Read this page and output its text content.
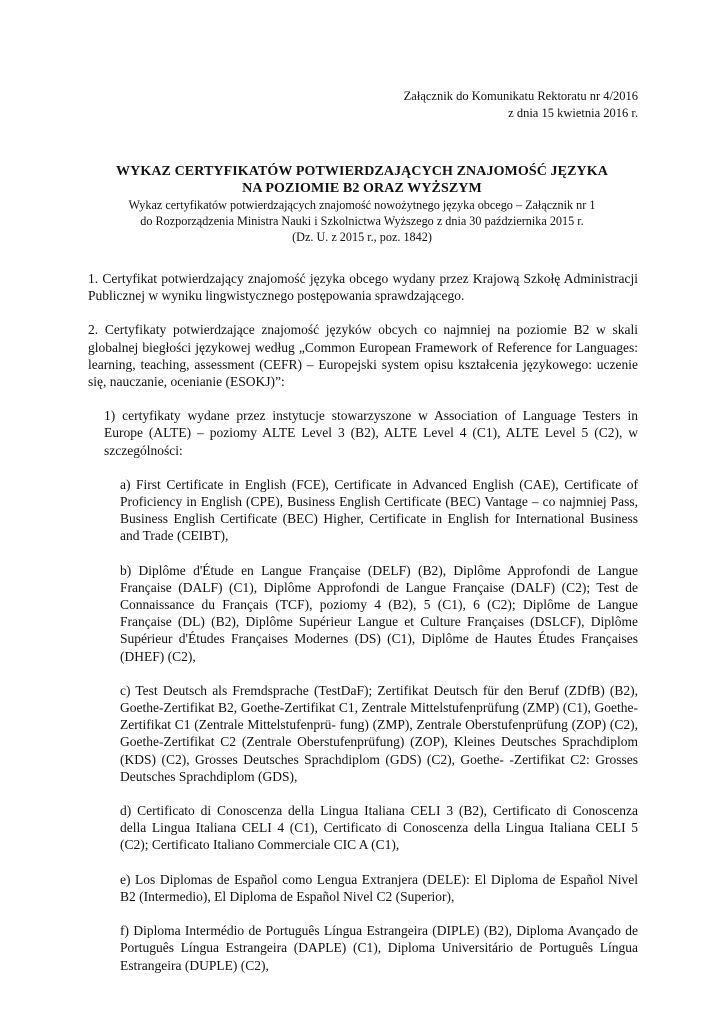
Załącznik do Komunikatu Rektoratu nr 4/2016
z dnia 15 kwietnia 2016 r.
WYKAZ CERTYFIKATÓW POTWIERDZAJĄCYCH ZNAJOMOŚĆ JĘZYKA
NA POZIOMIE B2 ORAZ WYŻSZYM
Wykaz certyfikatów potwierdzających znajomość nowożytnego języka obcego – Załącznik nr 1
do Rozporządzenia Ministra Nauki i Szkolnictwa Wyższego z dnia 30 października 2015 r.
(Dz. U. z 2015 r., poz. 1842)

1. Certyfikat potwierdzający znajomość języka obcego wydany przez Krajową Szkołę Administracji Publicznej w wyniku lingwistycznego postępowania sprawdzającego.

2. Certyfikaty potwierdzające znajomość języków obcych co najmniej na poziomie B2 w skali globalnej biegłości językowej według „Common European Framework of Reference for Languages: learning, teaching, assessment (CEFR) – Europejski system opisu kształcenia językowego: uczenie się, nauczanie, ocenianie (ESOKJ)”:

1) certyfikaty wydane przez instytucje stowarzyszone w Association of Language Testers in Europe (ALTE) – poziomy ALTE Level 3 (B2), ALTE Level 4 (C1), ALTE Level 5 (C2), w szczególności:

a) First Certificate in English (FCE), Certificate in Advanced English (CAE), Certificate of Proficiency in English (CPE), Business English Certificate (BEC) Vantage – co najmniej Pass, Business English Certificate (BEC) Higher, Certificate in English for International Business and Trade (CEIBT),

b) Diplôme d'Étude en Langue Française (DELF) (B2), Diplôme Approfondi de Langue Française (DALF) (C1), Diplôme Approfondi de Langue Française (DALF) (C2); Test de Connaissance du Français (TCF), poziomy 4 (B2), 5 (C1), 6 (C2); Diplôme de Langue Française (DL) (B2), Diplôme Supérieur Langue et Culture Françaises (DSLCF), Diplôme Supérieur d'Études Françaises Modernes (DS) (C1), Diplôme de Hautes Études Françaises (DHEF) (C2),

c) Test Deutsch als Fremdsprache (TestDaF); Zertifikat Deutsch für den Beruf (ZDfB) (B2), Goethe-Zertifikat B2, Goethe-Zertifikat C1, Zentrale Mittelstufenprüfung (ZMP) (C1), Goethe-Zertifikat C1 (Zentrale Mittelstufenprü- fung) (ZMP), Zentrale Oberstufenprüfung (ZOP) (C2), Goethe-Zertifikat C2 (Zentrale Oberstufenprüfung) (ZOP), Kleines Deutsches Sprachdiplom (KDS) (C2), Grosses Deutsches Sprachdiplom (GDS) (C2), Goethe- -Zertifikat C2: Grosses Deutsches Sprachdiplom (GDS),

d) Certificato di Conoscenza della Lingua Italiana CELI 3 (B2), Certificato di Conoscenza della Lingua Italiana CELI 4 (C1), Certificato di Conoscenza della Lingua Italiana CELI 5 (C2); Certificato Italiano Commerciale CIC A (C1),

e) Los Diplomas de Español como Lengua Extranjera (DELE): El Diploma de Español Nivel B2 (Intermedio), El Diploma de Español Nivel C2 (Superior),

f) Diploma Intermédio de Português Língua Estrangeira (DIPLE) (B2), Diploma Avançado de Português Língua Estrangeira (DAPLE) (C1), Diploma Universitário de Português Língua Estrangeira (DUPLE) (C2),
